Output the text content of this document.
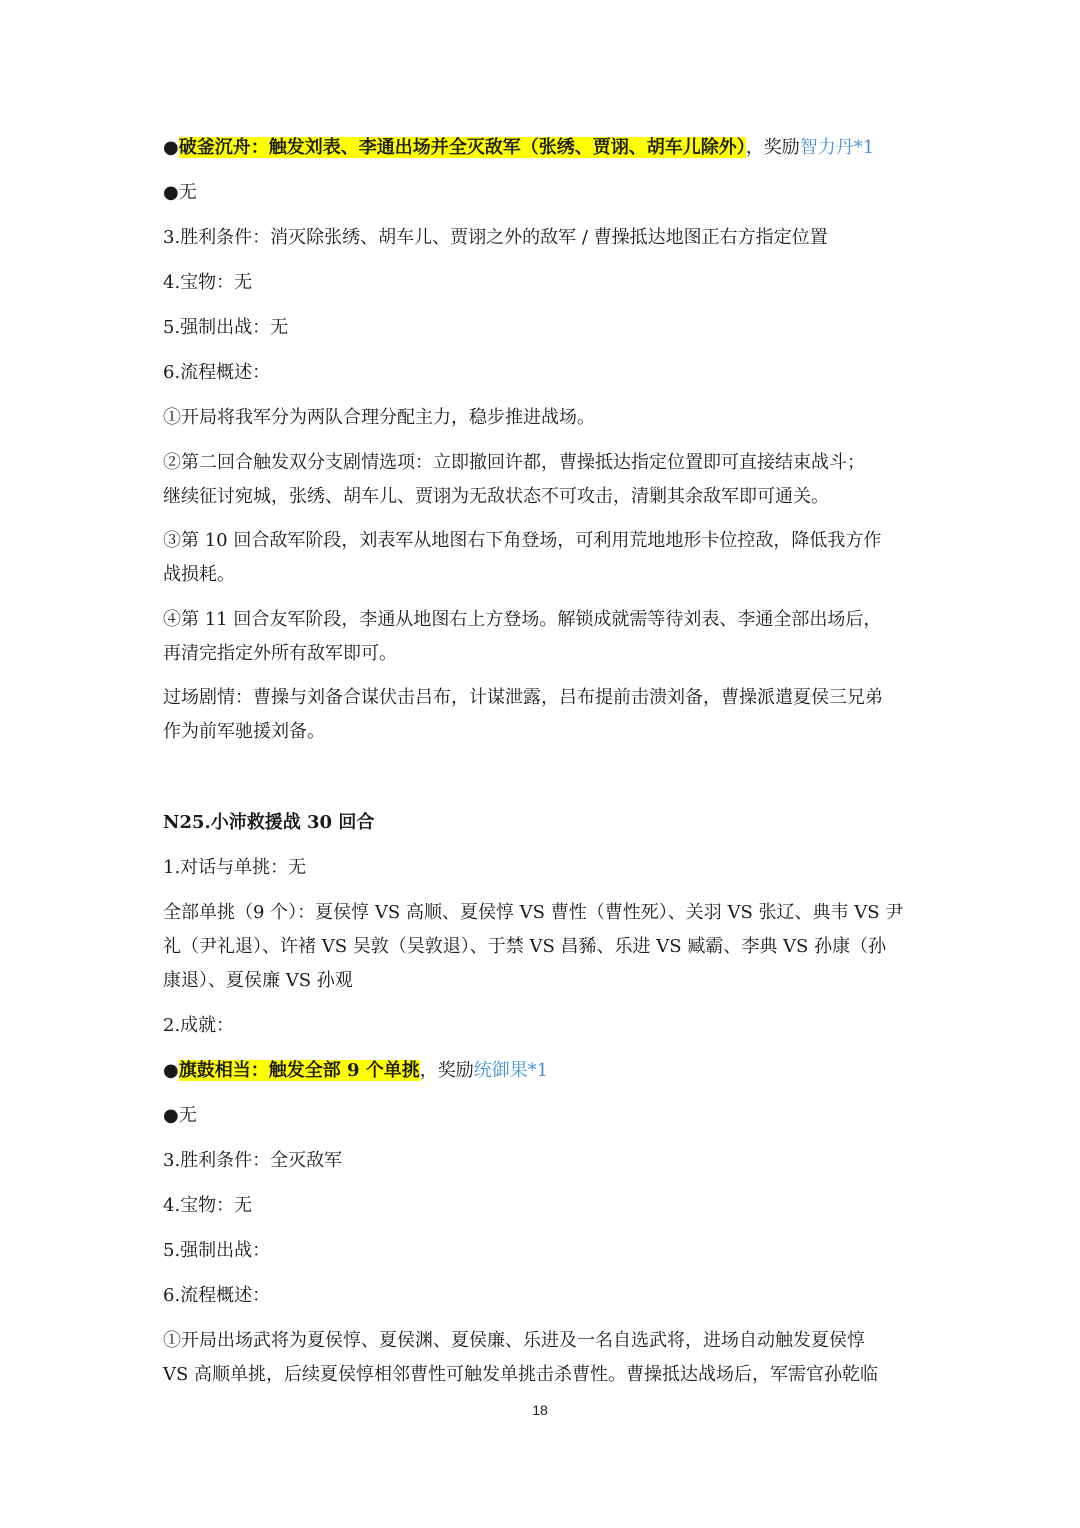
●破釜沉舟：触发刘表、李通出场并全灭敌军（张绣、贾诩、胡车儿除外），奖励智力丹*1
●无
3.胜利条件：消灭除张绣、胡车儿、贾诩之外的敌军 / 曹操抵达地图正右方指定位置
4.宝物：无
5.强制出战：无
6.流程概述：
①开局将我军分为两队合理分配主力，稳步推进战场。
②第二回合触发双分支剧情选项：立即撤回许都，曹操抵达指定位置即可直接结束战斗；
继续征讨宛城，张绣、胡车儿、贾诩为无敌状态不可攻击，清剿其余敌军即可通关。
③第 10 回合敌军阶段，刘表军从地图右下角登场，可利用荒地地形卡位控敌，降低我方作
战损耗。
④第 11 回合友军阶段，李通从地图右上方登场。解锁成就需等待刘表、李通全部出场后，
再清完指定外所有敌军即可。
过场剧情：曹操与刘备合谋伏击吕布，计谋泄露，吕布提前击溃刘备，曹操派遣夏侯三兄弟
作为前军驰援刘备。
N25.小沛救援战 30 回合
1.对话与单挑：无
全部单挑（9 个）：夏侯惇 VS 高顺、夏侯惇 VS 曹性（曹性死）、关羽 VS 张辽、典韦 VS 尹
礼（尹礼退）、许褚 VS 吴敦（吴敦退）、于禁 VS 昌豨、乐进 VS 臧霸、李典 VS 孙康（孙
康退）、夏侯廉 VS 孙观
2.成就：
●旗鼓相当：触发全部 9 个单挑，奖励统御果*1
●无
3.胜利条件：全灭敌军
4.宝物：无
5.强制出战：
6.流程概述：
①开局出场武将为夏侯惇、夏侯渊、夏侯廉、乐进及一名自选武将，进场自动触发夏侯惇
VS 高顺单挑，后续夏侯惇相邻曹性可触发单挑击杀曹性。曹操抵达战场后，军需官孙乾临
18
